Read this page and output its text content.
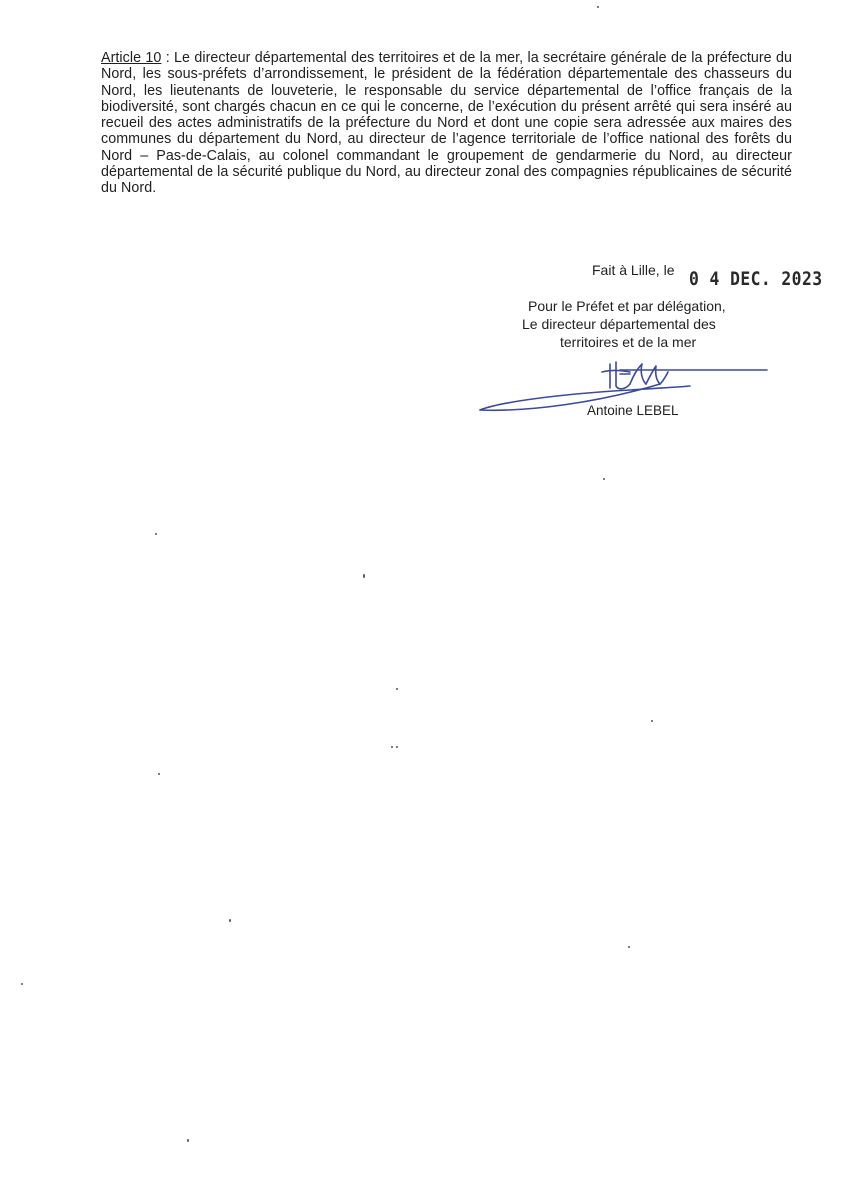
Article 10 : Le directeur départemental des territoires et de la mer, la secrétaire générale de la préfecture du Nord, les sous-préfets d’arrondissement, le président de la fédération départementale des chasseurs du Nord, les lieutenants de louveterie, le responsable du service départemental de l’office français de la biodiversité, sont chargés chacun en ce qui le concerne, de l’exécution du présent arrêté qui sera inséré au recueil des actes administratifs de la préfecture du Nord et dont une copie sera adressée aux maires des communes du département du Nord, au directeur de l’agence territoriale de l’office national des forêts du Nord – Pas-de-Calais, au colonel commandant le groupement de gendarmerie du Nord, au directeur départemental de la sécurité publique du Nord, au directeur zonal des compagnies républicaines de sécurité du Nord.

Fait à Lille, le 0 4 DEC. 2023
Pour le Préfet et par délégation,
Le directeur départemental des
territoires et de la mer
Antoine LEBEL
